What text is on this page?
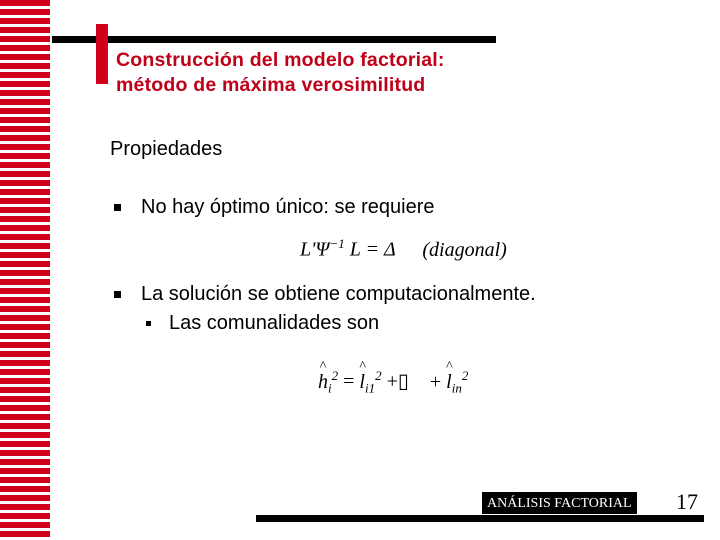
Construcción del modelo factorial:
método de máxima verosimilitud
Propiedades
No hay óptimo único: se requiere
$L'\Psi^{-1}$ L = Δ (diagonal)
La solución se obtiene computacionalmente.
Las comunalidades son
^ $h_i^2$ = ^ $l_{i1}^2$ +▯ + ^ $l_{in}^2$
ANÁLISIS FACTORIAL 17
